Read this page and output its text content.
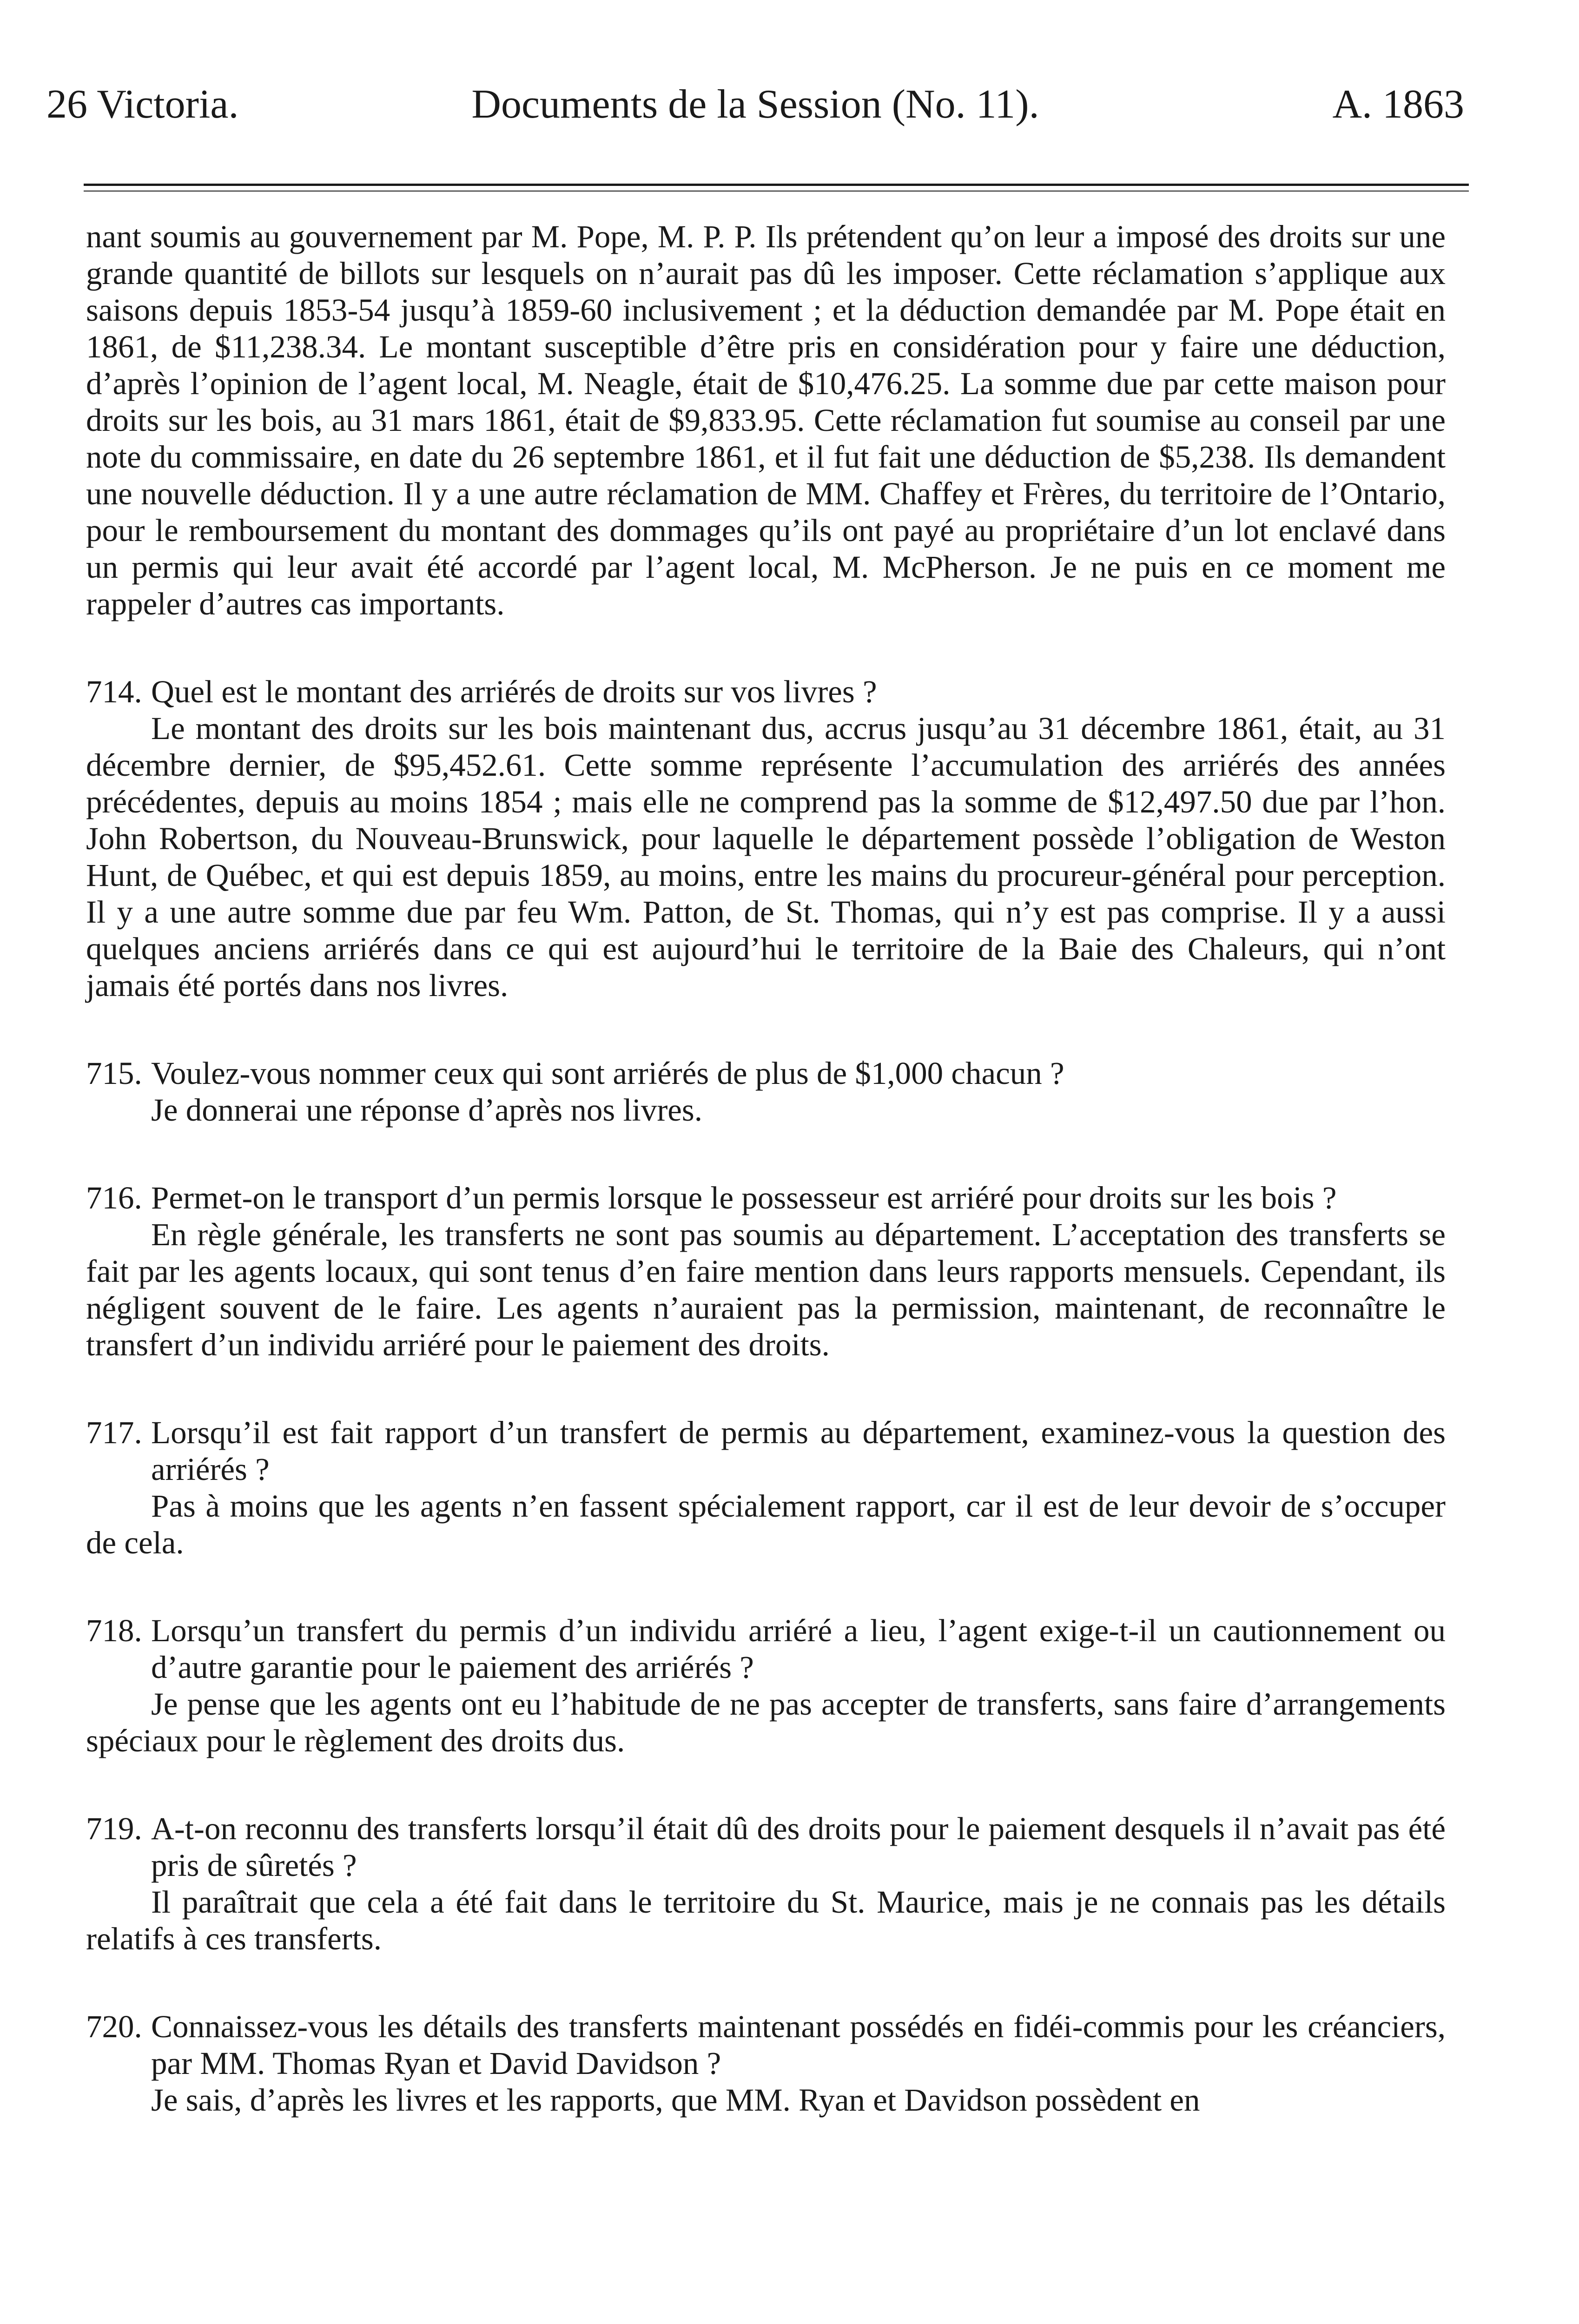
26 Victoria.	Documents de la Session (No. 11).	A. 1863

nant soumis au gouvernement par M. Pope, M. P. P. Ils prétendent qu’on leur a imposé des droits sur une grande quantité de billots sur lesquels on n’aurait pas dû les imposer. Cette réclamation s’applique aux saisons depuis 1853-54 jusqu’à 1859-60 inclusivement ; et la déduction demandée par M. Pope était en 1861, de $11,238.34. Le montant susceptible d’être pris en considération pour y faire une déduction, d’après l’opinion de l’agent local, M. Neagle, était de $10,476.25. La somme due par cette maison pour droits sur les bois, au 31 mars 1861, était de $9,833.95. Cette réclamation fut soumise au conseil par une note du commissaire, en date du 26 septembre 1861, et il fut fait une déduction de $5,238. Ils demandent une nouvelle déduction. Il y a une autre réclamation de MM. Chaffey et Frères, du territoire de l’Ontario, pour le remboursement du montant des dommages qu’ils ont payé au propriétaire d’un lot enclavé dans un permis qui leur avait été accordé par l’agent local, M. McPherson. Je ne puis en ce moment me rappeler d’autres cas importants.

714. Quel est le montant des arriérés de droits sur vos livres ?

Le montant des droits sur les bois maintenant dus, accrus jusqu’au 31 décembre 1861, était, au 31 décembre dernier, de $95,452.61. Cette somme représente l’accumulation des arriérés des années précédentes, depuis au moins 1854 ; mais elle ne comprend pas la somme de $12,497.50 due par l’hon. John Robertson, du Nouveau-Brunswick, pour laquelle le département possède l’obligation de Weston Hunt, de Québec, et qui est depuis 1859, au moins, entre les mains du procureur-général pour perception. Il y a une autre somme due par feu Wm. Patton, de St. Thomas, qui n’y est pas comprise. Il y a aussi quelques anciens arriérés dans ce qui est aujourd’hui le territoire de la Baie des Chaleurs, qui n’ont jamais été portés dans nos livres.

715. Voulez-vous nommer ceux qui sont arriérés de plus de $1,000 chacun ?

Je donnerai une réponse d’après nos livres.

716. Permet-on le transport d’un permis lorsque le possesseur est arriéré pour droits sur les bois ?

En règle générale, les transferts ne sont pas soumis au département. L’acceptation des transferts se fait par les agents locaux, qui sont tenus d’en faire mention dans leurs rapports mensuels. Cependant, ils négligent souvent de le faire. Les agents n’auraient pas la permission, maintenant, de reconnaître le transfert d’un individu arriéré pour le paiement des droits.

717. Lorsqu’il est fait rapport d’un transfert de permis au département, examinez-vous la question des arriérés ?

Pas à moins que les agents n’en fassent spécialement rapport, car il est de leur devoir de s’occuper de cela.

718. Lorsqu’un transfert du permis d’un individu arriéré a lieu, l’agent exige-t-il un cautionnement ou d’autre garantie pour le paiement des arriérés ?

Je pense que les agents ont eu l’habitude de ne pas accepter de transferts, sans faire d’arrangements spéciaux pour le règlement des droits dus.

719. A-t-on reconnu des transferts lorsqu’il était dû des droits pour le paiement desquels il n’avait pas été pris de sûretés ?

Il paraîtrait que cela a été fait dans le territoire du St. Maurice, mais je ne connais pas les détails relatifs à ces transferts.

720. Connaissez-vous les détails des transferts maintenant possédés en fidéi-commis pour les créanciers, par MM. Thomas Ryan et David Davidson ?

Je sais, d’après les livres et les rapports, que MM. Ryan et Davidson possèdent en
